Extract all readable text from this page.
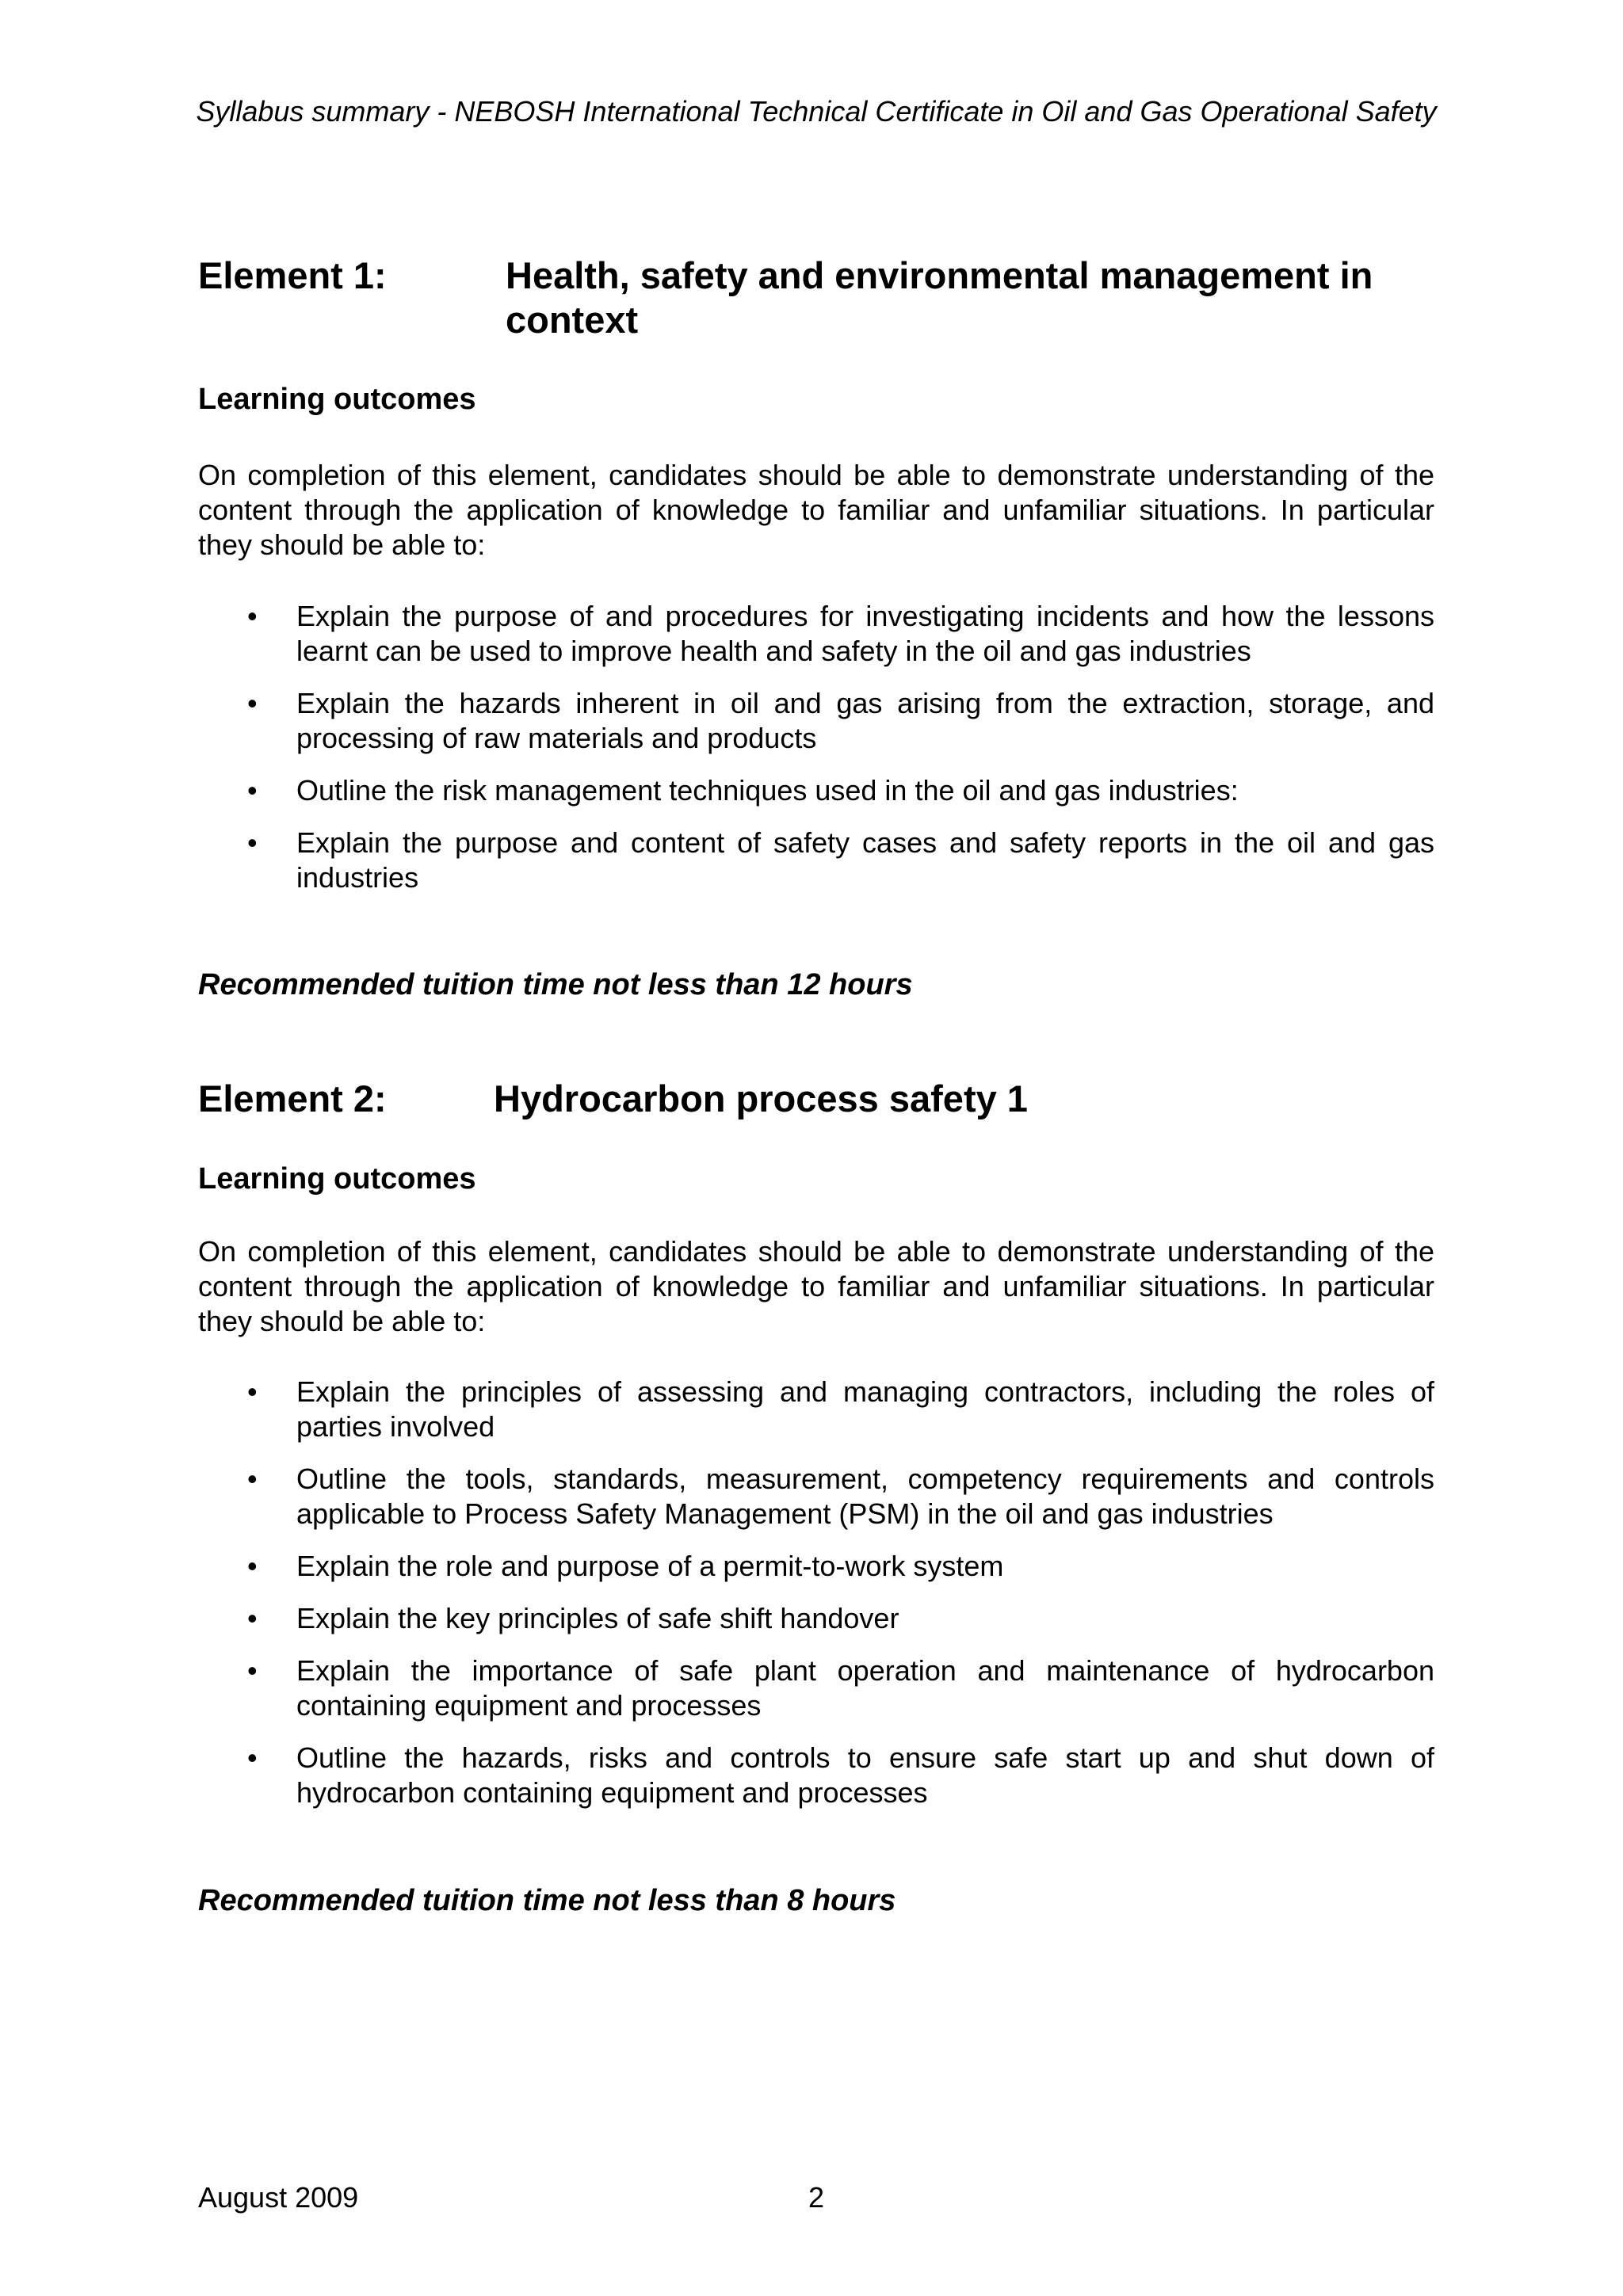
Syllabus summary - NEBOSH International Technical Certificate in Oil and Gas Operational Safety
Element 1:	Health, safety and environmental management in context
Learning outcomes

On completion of this element, candidates should be able to demonstrate understanding of the content through the application of knowledge to familiar and unfamiliar situations. In particular they should be able to:

• Explain the purpose of and procedures for investigating incidents and how the lessons learnt can be used to improve health and safety in the oil and gas industries
• Explain the hazards inherent in oil and gas arising from the extraction, storage, and processing of raw materials and products
• Outline the risk management techniques used in the oil and gas industries:
• Explain the purpose and content of safety cases and safety reports in the oil and gas industries
Recommended tuition time not less than 12 hours
Element 2:	Hydrocarbon process safety 1
Learning outcomes

On completion of this element, candidates should be able to demonstrate understanding of the content through the application of knowledge to familiar and unfamiliar situations. In particular they should be able to:

• Explain the principles of assessing and managing contractors, including the roles of parties involved
• Outline the tools, standards, measurement, competency requirements and controls applicable to Process Safety Management (PSM) in the oil and gas industries
• Explain the role and purpose of a permit-to-work system
• Explain the key principles of safe shift handover
• Explain the importance of safe plant operation and maintenance of hydrocarbon containing equipment and processes
• Outline the hazards, risks and controls to ensure safe start up and shut down of hydrocarbon containing equipment and processes
Recommended tuition time not less than 8 hours
August 2009	2
